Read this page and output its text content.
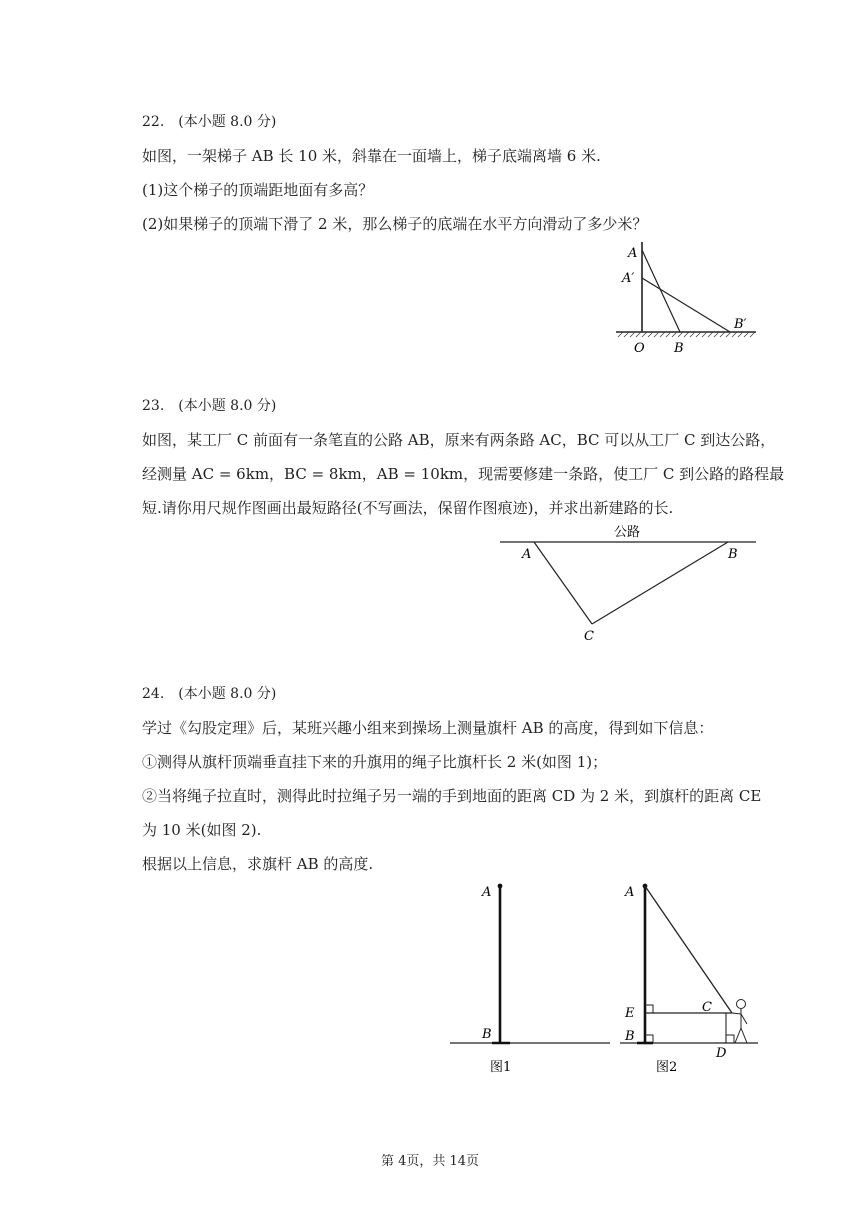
22.　(本小题 8.0 分)
如图，一架梯子 AB 长 10 米，斜靠在一面墙上，梯子底端离墙 6 米.
(1)这个梯子的顶端距地面有多高？
(2)如果梯子的顶端下滑了 2 米，那么梯子的底端在水平方向滑动了多少米？
A
A′
B′
O B
23.　(本小题 8.0 分)
如图，某工厂 C 前面有一条笔直的公路 AB，原来有两条路 AC，BC 可以从工厂 C 到达公路，
经测量 AC = 6km，BC = 8km，AB = 10km，现需要修建一条路，使工厂 C 到公路的路程最
短.请你用尺规作图画出最短路径(不写画法，保留作图痕迹)，并求出新建路的长.
公路
A	B
C
24.　(本小题 8.0 分)
学过《勾股定理》后，某班兴趣小组来到操场上测量旗杆 AB 的高度，得到如下信息：
①测得从旗杆顶端垂直挂下来的升旗用的绳子比旗杆长 2 米(如图 1)；
②当将绳子拉直时，测得此时拉绳子另一端的手到地面的距离 CD 为 2 米，到旗杆的距离 CE
为 10 米(如图 2).
根据以上信息，求旗杆 AB 的高度.
A
B
图1
A
E
B
C
D
图2
第 4页，共 14页
